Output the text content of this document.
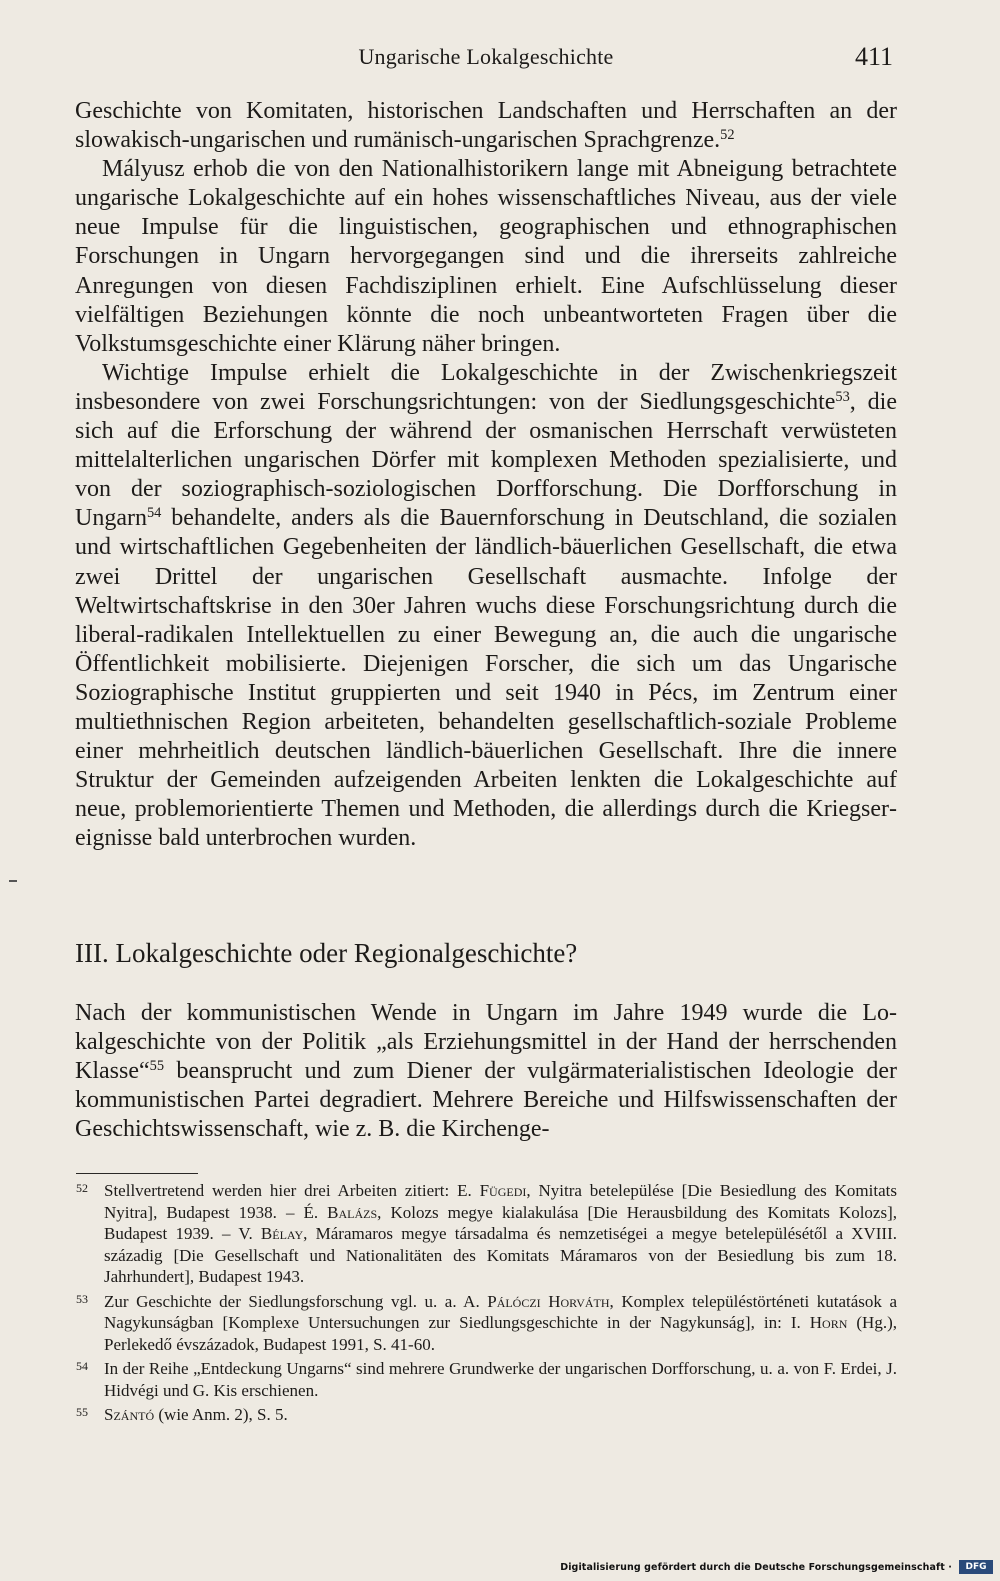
Ungarische Lokalgeschichte	411

Geschichte von Komitaten, historischen Landschaften und Herrschaften an der slowakisch-ungarischen und rumänisch-ungarischen Sprachgrenze.$^{52}$

Mályusz erhob die von den Nationalhistorikern lange mit Abneigung betrachtete ungarische Lokalgeschichte auf ein hohes wissenschaftliches Niveau, aus der viele neue Impulse für die linguistischen, geographischen und ethnographischen Forschungen in Ungarn hervorgegangen sind und die ihrerseits zahlreiche Anregungen von diesen Fachdisziplinen erhielt. Eine Aufschlüsselung dieser vielfältigen Beziehungen könnte die noch unbeantworteten Fragen über die Volkstumsgeschichte einer Klärung näher bringen.

Wichtige Impulse erhielt die Lokalgeschichte in der Zwischenkriegszeit insbesondere von zwei Forschungsrichtungen: von der Siedlungsgeschichte$^{53}$, die sich auf die Erforschung der während der osmanischen Herrschaft verwüsteten mittelalterlichen ungarischen Dörfer mit komplexen Methoden spezialisierte, und von der soziographisch-soziologischen Dorfforschung. Die Dorfforschung in Ungarn$^{54}$ behandelte, anders als die Bauernforschung in Deutschland, die sozialen und wirtschaftlichen Gegebenheiten der ländlich-bäuerlichen Gesellschaft, die etwa zwei Drittel der ungarischen Gesellschaft ausmachte. Infolge der Weltwirtschaftskrise in den 30er Jahren wuchs diese Forschungsrichtung durch die liberal-radikalen Intellektuellen zu einer Bewegung an, die auch die ungarische Öffentlichkeit mobilisierte. Diejenigen Forscher, die sich um das Ungarische Soziographische Institut gruppierten und seit 1940 in Pécs, im Zentrum einer multiethnischen Region arbeiteten, behandelten gesellschaftlich-soziale Probleme einer mehrheitlich deutschen ländlich-bäuerlichen Gesellschaft. Ihre die innere Struktur der Gemeinden aufzeigenden Arbeiten lenkten die Lokalgeschichte auf neue, problemorientierte Themen und Methoden, die allerdings durch die Kriegsereignisse bald unterbrochen wurden.

III. Lokalgeschichte oder Regionalgeschichte?

Nach der kommunistischen Wende in Ungarn im Jahre 1949 wurde die Lokalgeschichte von der Politik „als Erziehungsmittel in der Hand der herrschenden Klasse“$^{55}$ beansprucht und zum Diener der vulgärmaterialistischen Ideologie der kommunistischen Partei degradiert. Mehrere Bereiche und Hilfswissenschaften der Geschichtswissenschaft, wie z. B. die Kirchenge-

52 Stellvertretend werden hier drei Arbeiten zitiert: E. Fügedi, Nyitra betelepülése [Die Besiedlung des Komitats Nyitra], Budapest 1938. – É. Balázs, Kolozs megye kialakulása [Die Herausbildung des Komitats Kolozs], Budapest 1939. – V. Bélay, Máramaros megye társadalma és nemzetiségei a megye betelepülésétől a XVIII. századig [Die Gesellschaft und Nationalitäten des Komitats Máramaros von der Besiedlung bis zum 18. Jahrhundert], Budapest 1943.
53 Zur Geschichte der Siedlungsforschung vgl. u. a. A. Pálóczi Horváth, Komplex településtörténeti kutatások a Nagykunságban [Komplexe Untersuchungen zur Siedlungsgeschichte in der Nagykunság], in: I. Horn (Hg.), Perlekedő évszázadok, Budapest 1991, S. 41-60.
54 In der Reihe „Entdeckung Ungarns“ sind mehrere Grundwerke der ungarischen Dorfforschung, u. a. von F. Erdei, J. Hidvégi und G. Kis erschienen.
55 Szántó (wie Anm. 2), S. 5.
Digitalisierung gefördert durch die Deutsche Forschungsgemeinschaft ·	DFG
